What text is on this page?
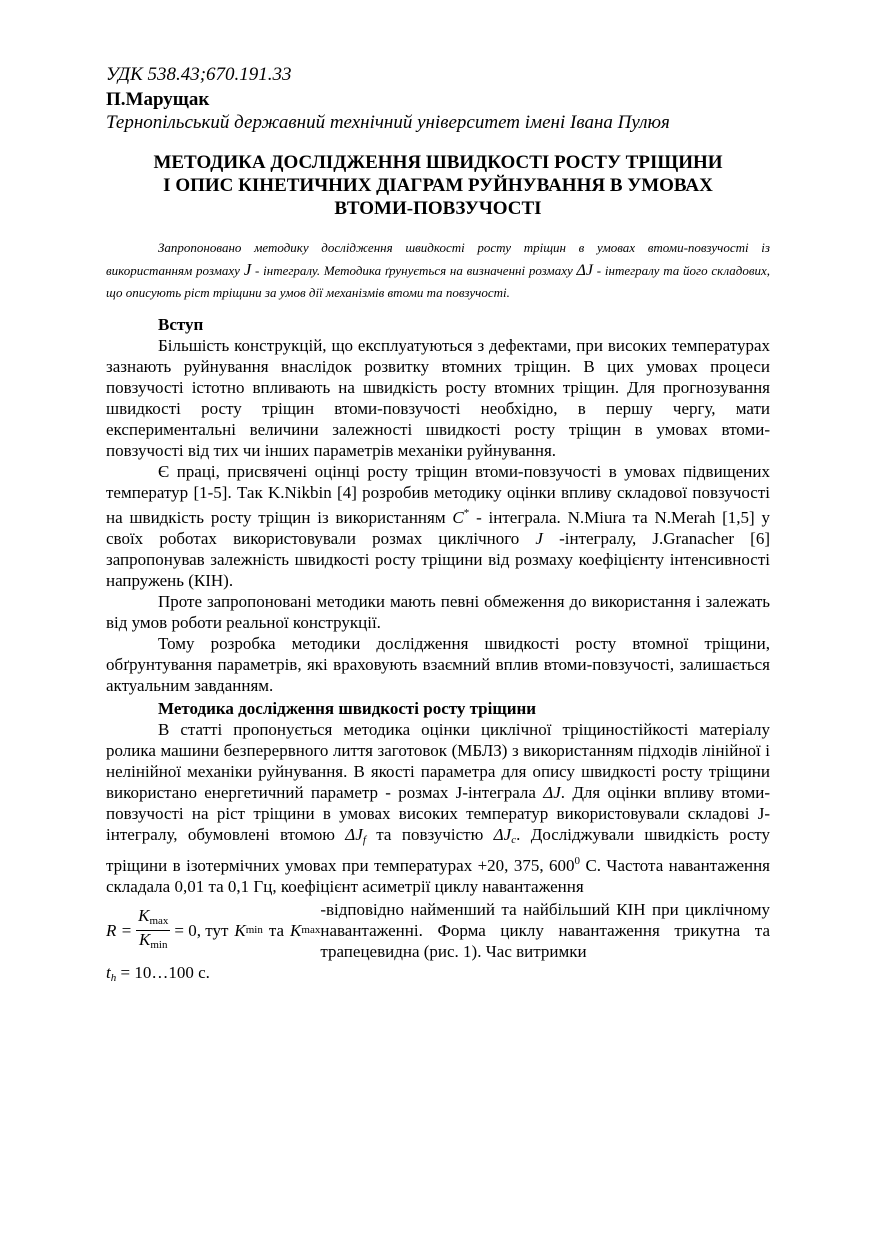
УДК 538.43;670.191.33
П.Марущак
Тернопільський державний технічний університет імені Івана Пулюя
МЕТОДИКА ДОСЛІДЖЕННЯ ШВИДКОСТІ РОСТУ ТРІЩИНИ
І ОПИС КІНЕТИЧНИХ ДІАГРАМ РУЙНУВАННЯ В УМОВАХ
ВТОМИ-ПОВЗУЧОСТІ
Запропоновано методику дослідження швидкості росту тріщин в умовах втоми-повзучості із використанням розмаху J - інтегралу. Методика ґрунується на визначенні розмаху ΔJ - інтегралу та його складових, що описують ріст тріщини за умов дії механізмів втоми та повзучості.
Вступ

Більшість конструкцій, що експлуатуються з дефектами, при високих температурах зазнають руйнування внаслідок розвитку втомних тріщин. В цих умовах процеси повзучості істотно впливають на швидкість росту втомних тріщин. Для прогнозування швидкості росту тріщин втоми-повзучості необхідно, в першу чергу, мати експериментальні величини залежності швидкості росту тріщин в умовах втоми-повзучості від тих чи інших параметрів механіки руйнування.

Є праці, присвячені оцінці росту тріщин втоми-повзучості в умовах підвищених температур [1-5]. Так K.Nikbin [4] розробив методику оцінки впливу складової повзучості на швидкість росту тріщин із використанням C* - інтеграла. N.Miura та N.Merah [1,5] у своїх роботах використовували розмах циклічного J -інтегралу, J.Granacher [6] запропонував залежність швидкості росту тріщини від розмаху коефіцієнту інтенсивності напружень (КІН).

Проте запропоновані методики мають певні обмеження до використання і залежать від умов роботи реальної конструкції.

Тому розробка методики дослідження швидкості росту втомної тріщини, обґрунтування параметрів, які враховують взаємний вплив втоми-повзучості, залишається актуальним завданням.

Методика дослідження швидкості росту тріщини

В статті пропонується методика оцінки циклічної тріщиностійкості матеріалу ролика машини безперервного лиття заготовок (МБЛЗ) з використанням підходів лінійної і нелінійної механіки руйнування. В якості параметра для опису швидкості росту тріщини використано енергетичний параметр - розмах J-інтеграла ΔJ. Для оцінки впливу втоми-повзучості на ріст тріщини в умовах високих температур використовували складові J-інтегралу, обумовлені втомою $\Delta J_f$ та повзучістю $\Delta J_c$. Досліджували швидкість росту тріщини в ізотермічних умовах при температурах +20, 375, $600^0$ С. Частота навантаження складала 0,01 та 0,1 Гц, коефіцієнт асиметрії циклу навантаження

$R = \frac{K_{max}}{K_{min}} = 0$, тут K min та K max
-відповідно найменший та найбільший КІН при циклічному навантаженні. Форма циклу навантаження трикутна та трапецевидна (рис. 1). Час витримки

$t_h$ = 10…100 с.
